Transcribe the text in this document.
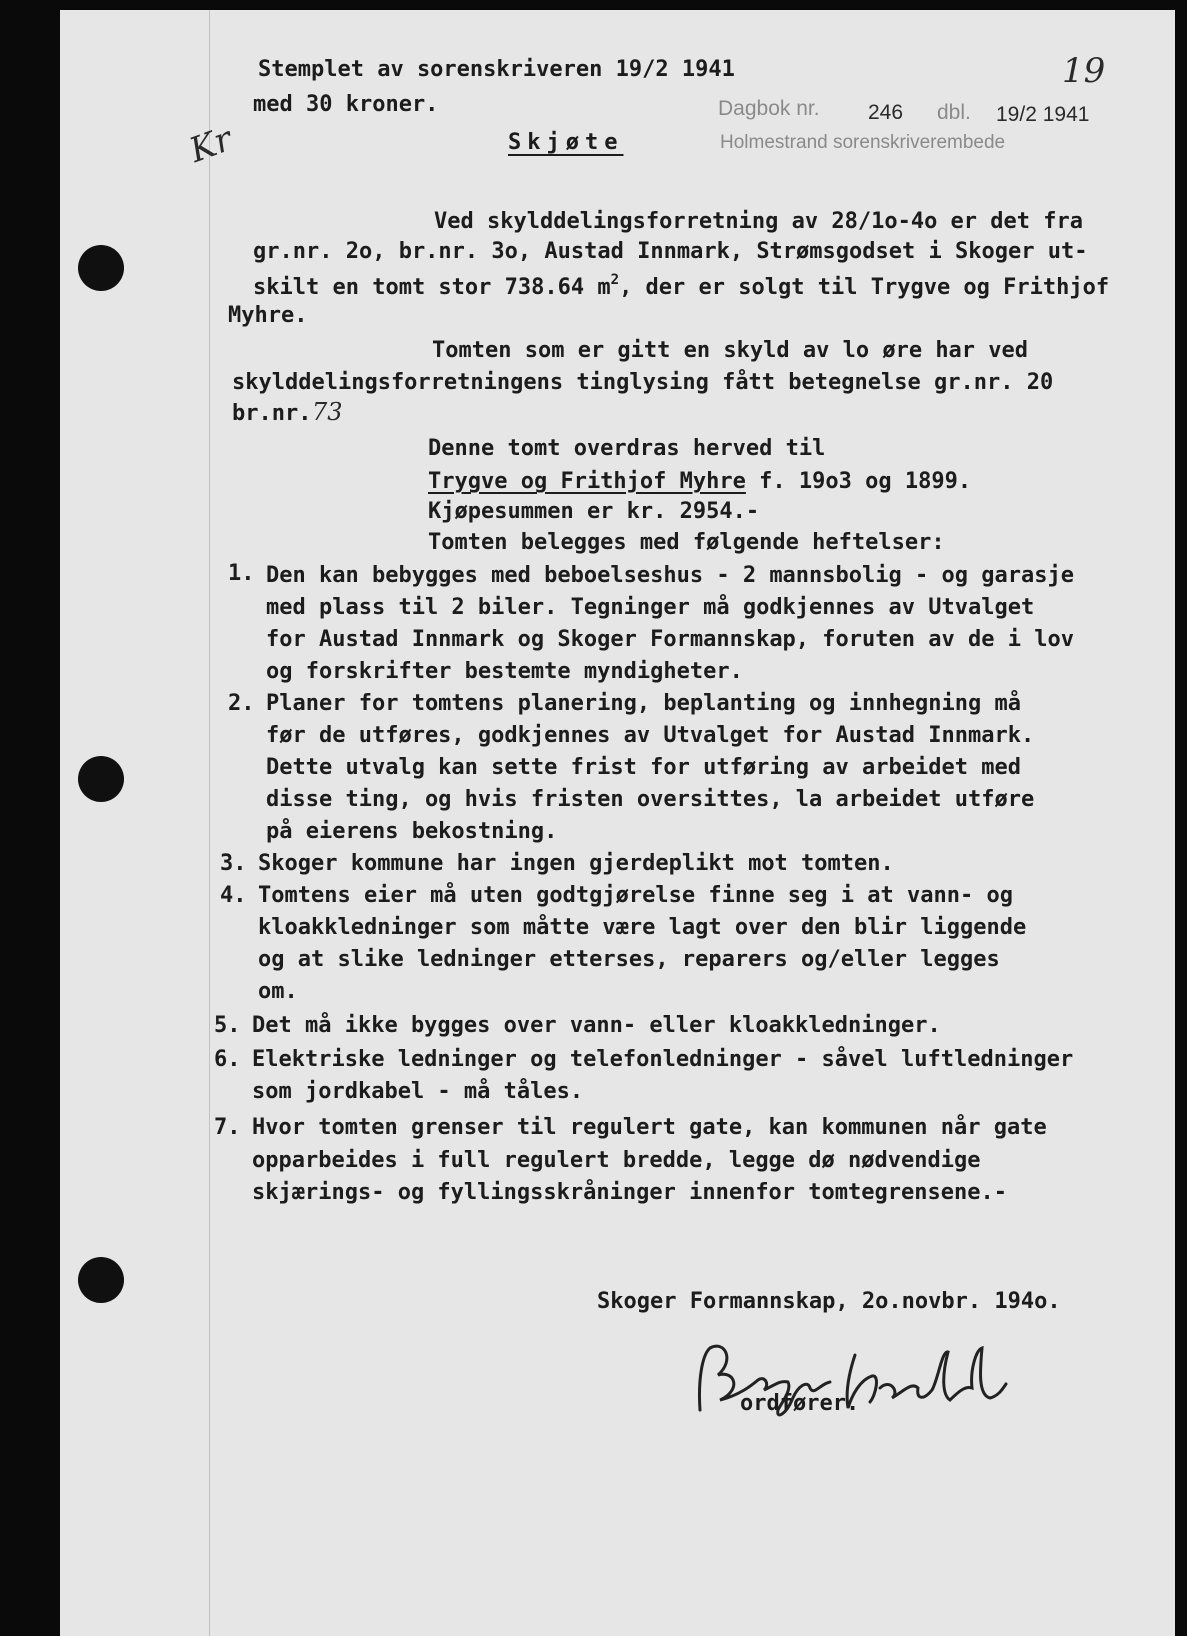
Kr
19
Stemplet av sorenskriveren 19/2 1941
med 30 kroner.	Dagbok nr. 246 dbl. 19/2 1941
Holmestrand sorenskriverembede
Skjøte
Ved skylddelingsforretning av 28/1o-4o er det fra
gr.nr. 2o, br.nr. 3o, Austad Innmark, Strømsgodset i Skoger ut-
skilt en tomt stor 738.64 $m^2$, der er solgt til Trygve og Frithjof
Myhre.
Tomten som er gitt en skyld av lo øre har ved
skylddelingsforretningens tinglysing fått betegnelse gr.nr. 20
br.nr. 73
Denne tomt overdras herved til
Trygve og Frithjof Myhre f. 19o3 og 1899.
Kjøpesummen er kr. 2954.-
Tomten belegges med følgende heftelser:
1. Den kan bebygges med beboelseshus - 2 mannsbolig - og garasje
med plass til 2 biler. Tegninger må godkjennes av Utvalget
for Austad Innmark og Skoger Formannskap, foruten av de i lov
og forskrifter bestemte myndigheter.
2. Planer for tomtens planering, beplanting og innhegning må
før de utføres, godkjennes av Utvalget for Austad Innmark.
Dette utvalg kan sette frist for utføring av arbeidet med
disse ting, og hvis fristen oversittes, la arbeidet utføre
på eierens bekostning.
3. Skoger kommune har ingen gjerdeplikt mot tomten.
4. Tomtens eier må uten godtgjørelse finne seg i at vann- og
kloakkledninger som måtte være lagt over den blir liggende
og at slike ledninger etterses, reparers og/eller legges
om.
5. Det må ikke bygges over vann- eller kloakkledninger.
6. Elektriske ledninger og telefonledninger - såvel luftledninger
som jordkabel - må tåles.
7. Hvor tomten grenser til regulert gate, kan kommunen når gate
opparbeides i full regulert bredde, legge dø nødvendige
skjærings- og fyllingsskråninger innenfor tomtegrensene.-
Skoger Formannskap, 2o.novbr. 194o.
ordfører.
